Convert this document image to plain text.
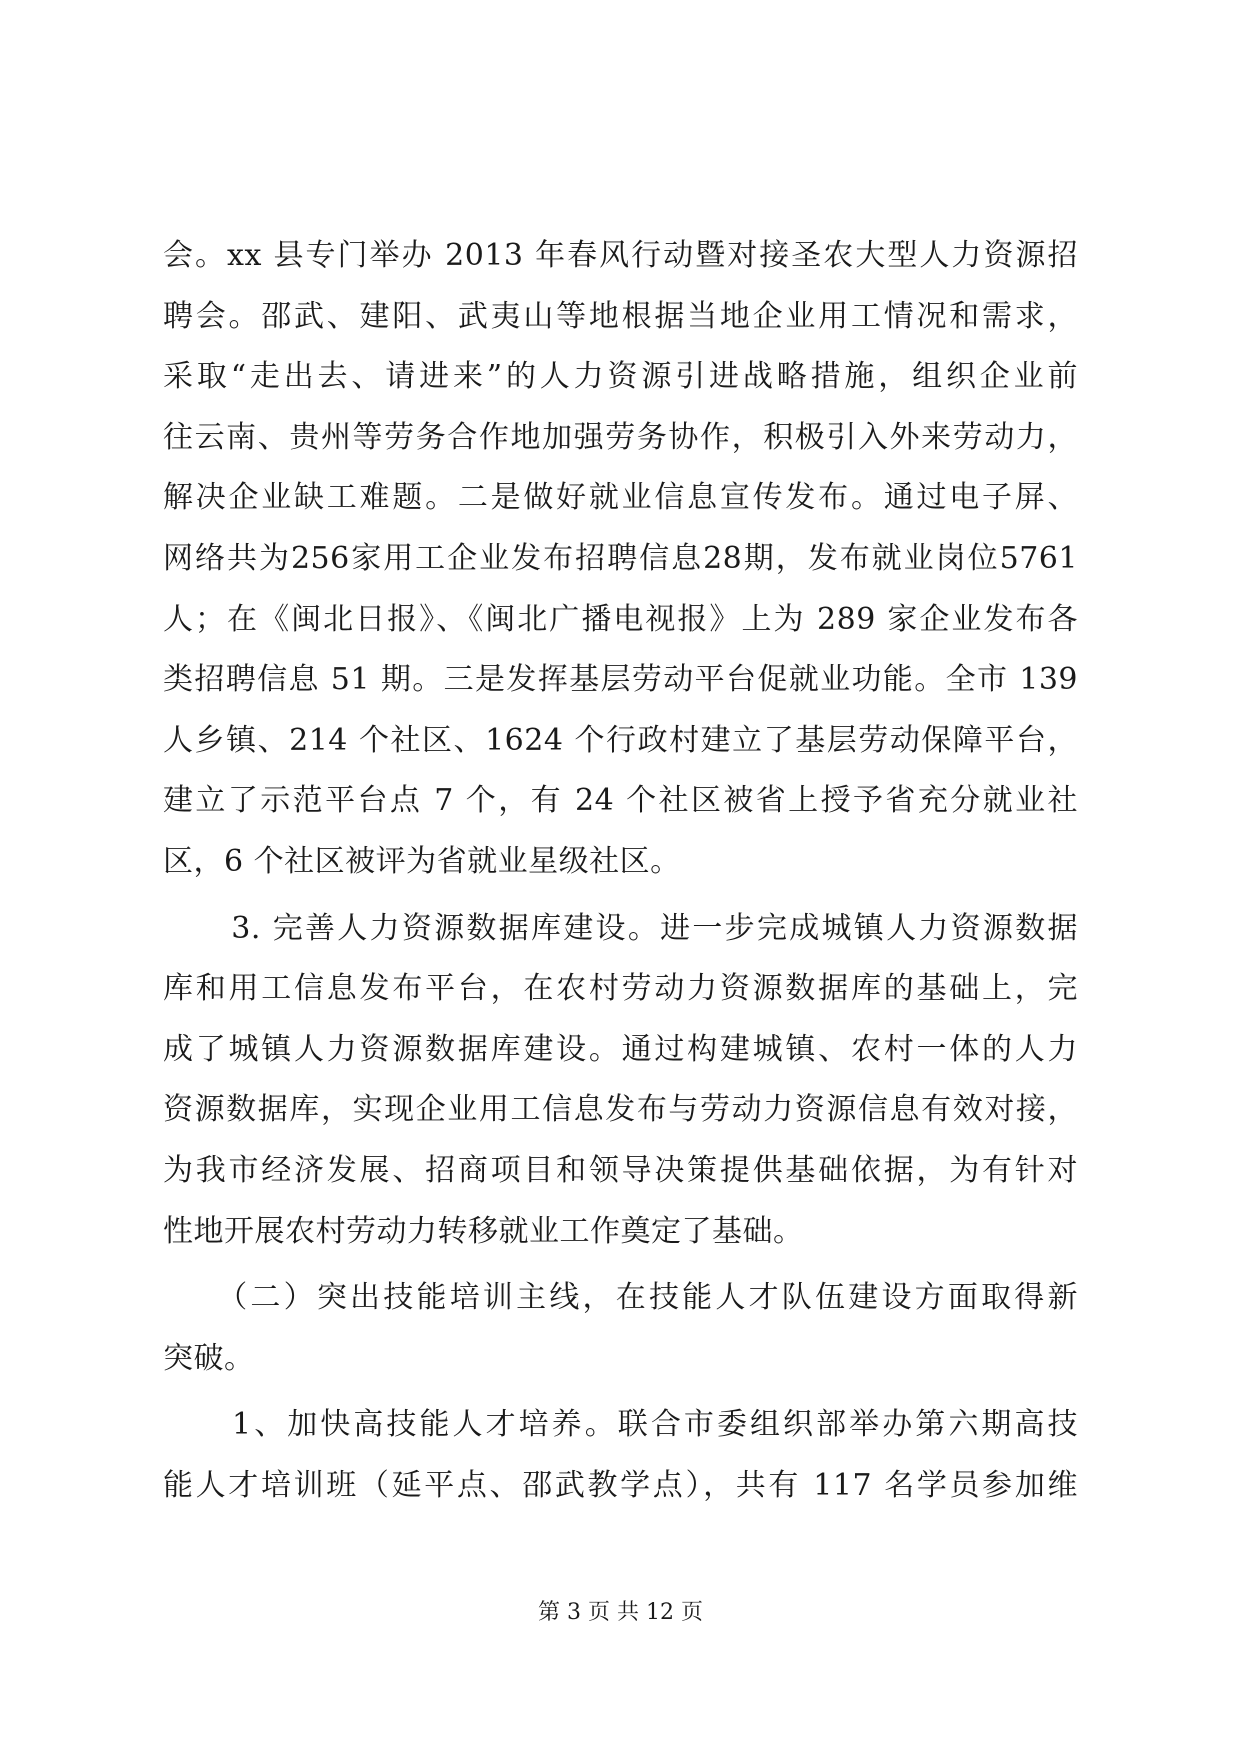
会。xx 县专门举办 2013 年春风行动暨对接圣农大型人力资源招
聘会。邵武、建阳、武夷山等地根据当地企业用工情况和需求，
采取“走出去、请进来”的人力资源引进战略措施，组织企业前
往云南、贵州等劳务合作地加强劳务协作，积极引入外来劳动力，
解决企业缺工难题。二是做好就业信息宣传发布。通过电子屏、
网络共为256家用工企业发布招聘信息28期，发布就业岗位5761
人；在《闽北日报》、《闽北广播电视报》上为 289 家企业发布各
类招聘信息 51 期。三是发挥基层劳动平台促就业功能。全市 139
人乡镇、214 个社区、1624 个行政村建立了基层劳动保障平台，
建立了示范平台点 7 个，有 24 个社区被省上授予省充分就业社
区，6 个社区被评为省就业星级社区。
　3. 完善人力资源数据库建设。进一步完成城镇人力资源数据
库和用工信息发布平台，在农村劳动力资源数据库的基础上，完
成了城镇人力资源数据库建设。通过构建城镇、农村一体的人力
资源数据库，实现企业用工信息发布与劳动力资源信息有效对接，
为我市经济发展、招商项目和领导决策提供基础依据，为有针对
性地开展农村劳动力转移就业工作奠定了基础。
　（二）突出技能培训主线，在技能人才队伍建设方面取得新
突破。
　1、加快高技能人才培养。联合市委组织部举办第六期高技
能人才培训班（延平点、邵武教学点），共有 117 名学员参加维
第 3 页 共 12 页
